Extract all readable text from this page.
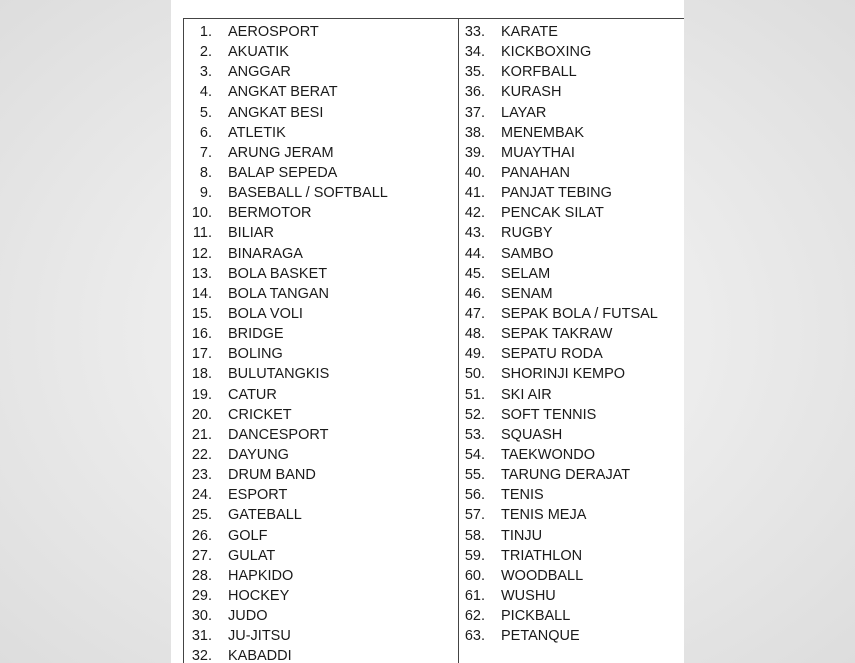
1. AEROSPORT
2. AKUATIK
3. ANGGAR
4. ANGKAT BERAT
5. ANGKAT BESI
6. ATLETIK
7. ARUNG JERAM
8. BALAP SEPEDA
9. BASEBALL / SOFTBALL
10. BERMOTOR
11. BILIAR
12. BINARAGA
13. BOLA BASKET
14. BOLA TANGAN
15. BOLA VOLI
16. BRIDGE
17. BOLING
18. BULUTANGKIS
19. CATUR
20. CRICKET
21. DANCESPORT
22. DAYUNG
23. DRUM BAND
24. ESPORT
25. GATEBALL
26. GOLF
27. GULAT
28. HAPKIDO
29. HOCKEY
30. JUDO
31. JU-JITSU
32. KABADDI
33. KARATE
34. KICKBOXING
35. KORFBALL
36. KURASH
37. LAYAR
38. MENEMBAK
39. MUAYTHAI
40. PANAHAN
41. PANJAT TEBING
42. PENCAK SILAT
43. RUGBY
44. SAMBO
45. SELAM
46. SENAM
47. SEPAK BOLA / FUTSAL
48. SEPAK TAKRAW
49. SEPATU RODA
50. SHORINJI KEMPO
51. SKI AIR
52. SOFT TENNIS
53. SQUASH
54. TAEKWONDO
55. TARUNG DERAJAT
56. TENIS
57. TENIS MEJA
58. TINJU
59. TRIATHLON
60. WOODBALL
61. WUSHU
62. PICKBALL
63. PETANQUE
